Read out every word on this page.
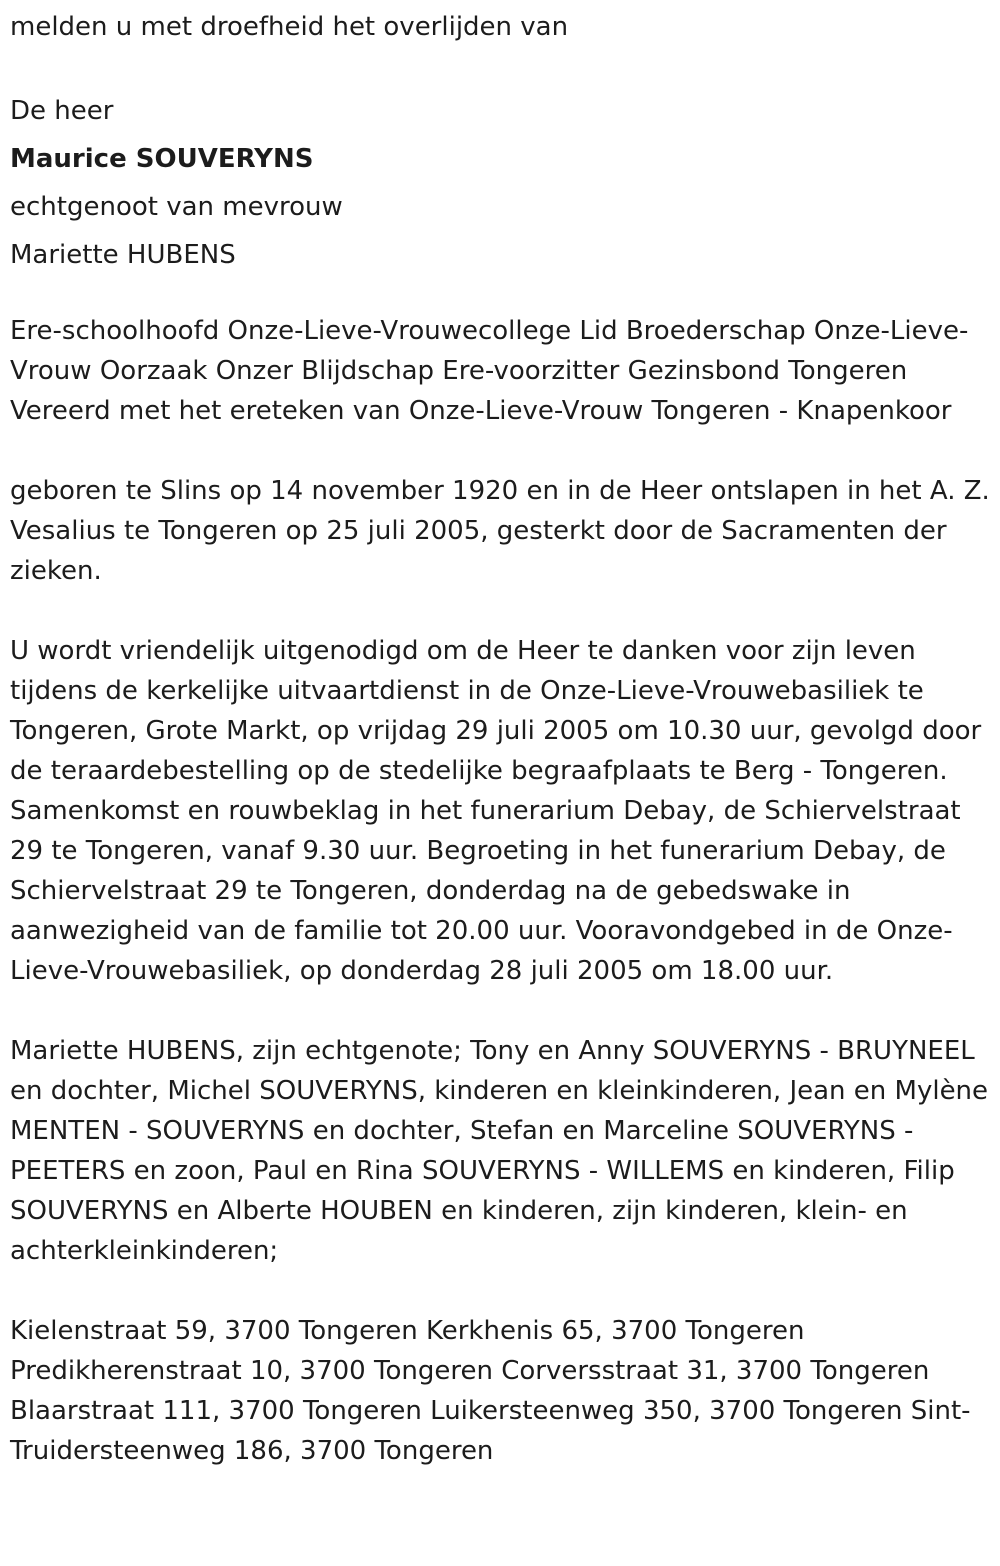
melden u met droefheid het overlijden van

De heer

Maurice SOUVERYNS

echtgenoot van mevrouw

Mariette HUBENS

Ere-schoolhoofd Onze-Lieve-Vrouwecollege Lid Broederschap Onze-Lieve-Vrouw Oorzaak Onzer Blijdschap Ere-voorzitter Gezinsbond Tongeren Vereerd met het ereteken van Onze-Lieve-Vrouw Tongeren - Knapenkoor

geboren te Slins op 14 november 1920 en in de Heer ontslapen in het A. Z. Vesalius te Tongeren op 25 juli 2005, gesterkt door de Sacramenten der zieken.

U wordt vriendelijk uitgenodigd om de Heer te danken voor zijn leven tijdens de kerkelijke uitvaartdienst in de Onze-Lieve-Vrouwebasiliek te Tongeren, Grote Markt, op vrijdag 29 juli 2005 om 10.30 uur, gevolgd door de teraardebestelling op de stedelijke begraafplaats te Berg - Tongeren. Samenkomst en rouwbeklag in het funerarium Debay, de Schiervelstraat 29 te Tongeren, vanaf 9.30 uur. Begroeting in het funerarium Debay, de Schiervelstraat 29 te Tongeren, donderdag na de gebedswake in aanwezigheid van de familie tot 20.00 uur. Vooravondgebed in de Onze-Lieve-Vrouwebasiliek, op donderdag 28 juli 2005 om 18.00 uur.

Mariette HUBENS, zijn echtgenote; Tony en Anny SOUVERYNS - BRUYNEEL en dochter, Michel SOUVERYNS, kinderen en kleinkinderen, Jean en Mylène MENTEN - SOUVERYNS en dochter, Stefan en Marceline SOUVERYNS - PEETERS en zoon, Paul en Rina SOUVERYNS - WILLEMS en kinderen, Filip SOUVERYNS en Alberte HOUBEN en kinderen, zijn kinderen, klein- en achterkleinkinderen;

Kielenstraat 59, 3700 Tongeren Kerkhenis 65, 3700 Tongeren Predikherenstraat 10, 3700 Tongeren Corversstraat 31, 3700 Tongeren Blaarstraat 111, 3700 Tongeren Luikersteenweg 350, 3700 Tongeren Sint-Truidersteenweg 186, 3700 Tongeren
